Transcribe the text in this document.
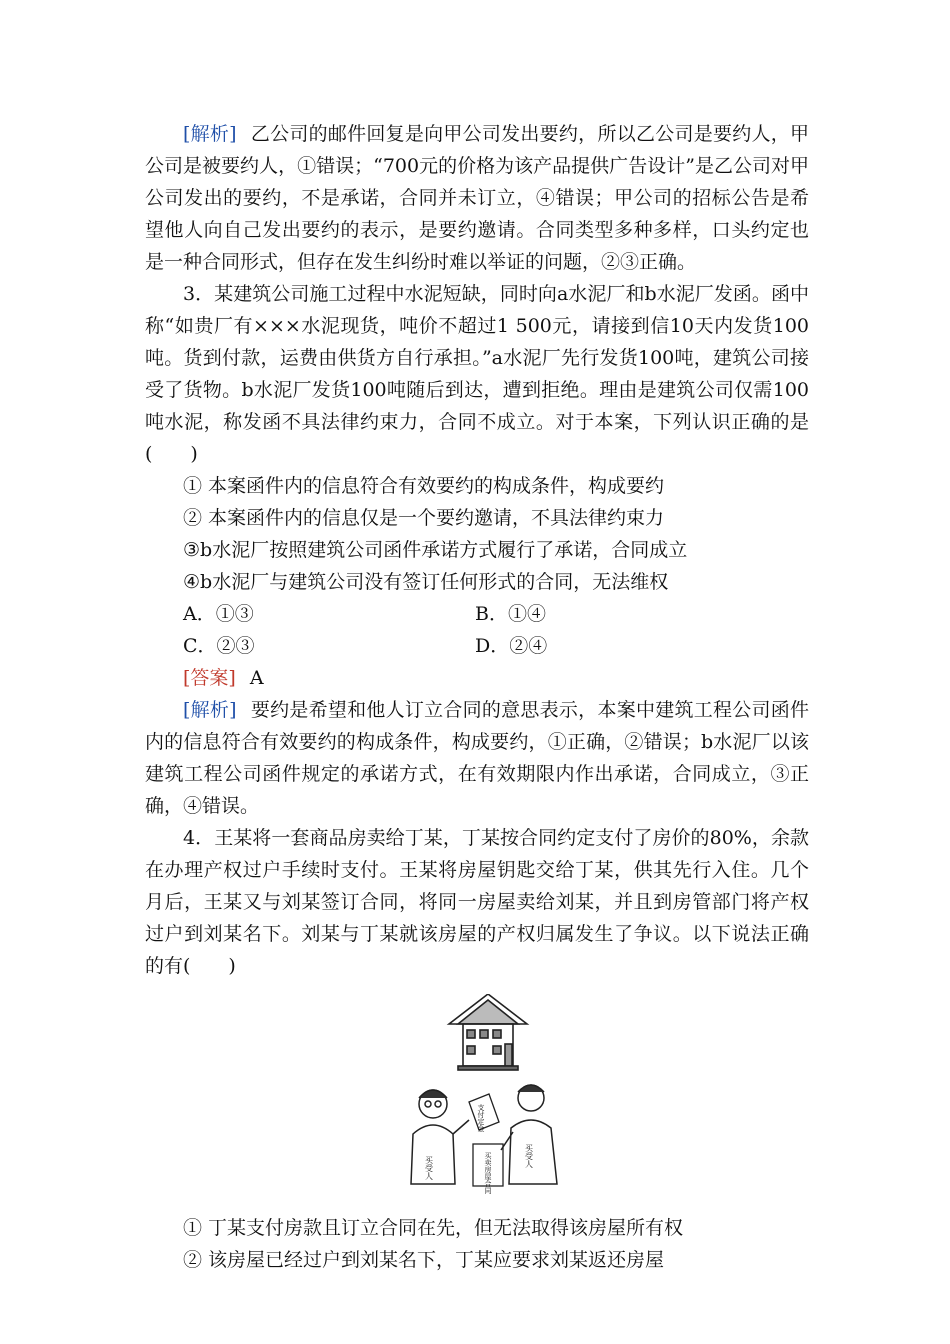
[解析] 乙公司的邮件回复是向甲公司发出要约，所以乙公司是要约人，甲公司是被要约人，①错误；“700元的价格为该产品提供广告设计”是乙公司对甲公司发出的要约，不是承诺，合同并未订立，④错误；甲公司的招标公告是希望他人向自己发出要约的表示，是要约邀请。合同类型多种多样，口头约定也是一种合同形式，但存在发生纠纷时难以举证的问题，②③正确。

3．某建筑公司施工过程中水泥短缺，同时向a水泥厂和b水泥厂发函。函中称“如贵厂有×××水泥现货，吨价不超过1 500元，请接到信10天内发货100吨。货到付款，运费由供货方自行承担。”a水泥厂先行发货100吨，建筑公司接受了货物。b水泥厂发货100吨随后到达，遭到拒绝。理由是建筑公司仅需100吨水泥，称发函不具法律约束力，合同不成立。对于本案，下列认识正确的是(　　)

① 本案函件内的信息符合有效要约的构成条件，构成要约

② 本案函件内的信息仅是一个要约邀请，不具法律约束力

③b水泥厂按照建筑公司函件承诺方式履行了承诺，合同成立

④b水泥厂与建筑公司没有签订任何形式的合同，无法维权

A．①③	B．①④
C．②③	D．②④

[答案] A

[解析] 要约是希望和他人订立合同的意思表示，本案中建筑工程公司函件内的信息符合有效要约的构成条件，构成要约，①正确，②错误；b水泥厂以该建筑工程公司函件规定的承诺方式，在有效期限内作出承诺，合同成立，③正确，④错误。

4．王某将一套商品房卖给丁某，丁某按合同约定支付了房价的80%，余款在办理产权过户手续时支付。王某将房屋钥匙交给丁某，供其先行入住。几个月后，王某又与刘某签订合同，将同一房屋卖给刘某，并且到房管部门将产权过户到刘某名下。刘某与丁某就该房屋的产权归属发生了争议。以下说法正确的有(　　)

买受人
支付定金
买卖房屋合同	买受人

① 丁某支付房款且订立合同在先，但无法取得该房屋所有权

② 该房屋已经过户到刘某名下，丁某应要求刘某返还房屋
